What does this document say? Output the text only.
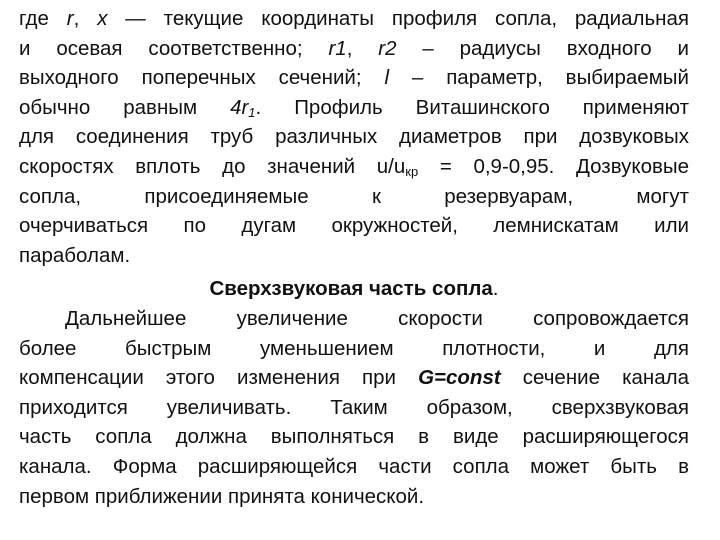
где r, x — текущие координаты профиля сопла, радиальная
и осевая соответственно; r1, r2 – радиусы входного и
выходного поперечных сечений; l – параметр, выбираемый
обычно равным $4r_1$. Профиль Виташинского применяют
для соединения труб различных диаметров при дозвуковых
скоростях вплоть до значений $u/u_{кр} = 0,9-0,95$. Дозвуковые
сопла, присоединяемые к резервуарам, могут
очерчиваться по дугам окружностей, лемнискатам или
параболам.
Сверхзвуковая часть сопла.
Дальнейшее увеличение скорости сопровождается
более быстрым уменьшением плотности, и для
компенсации этого изменения при G=const сечение канала
приходится увеличивать. Таким образом, сверхзвуковая
часть сопла должна выполняться в виде расширяющегося
канала. Форма расширяющейся части сопла может быть в
первом приближении принята конической.
